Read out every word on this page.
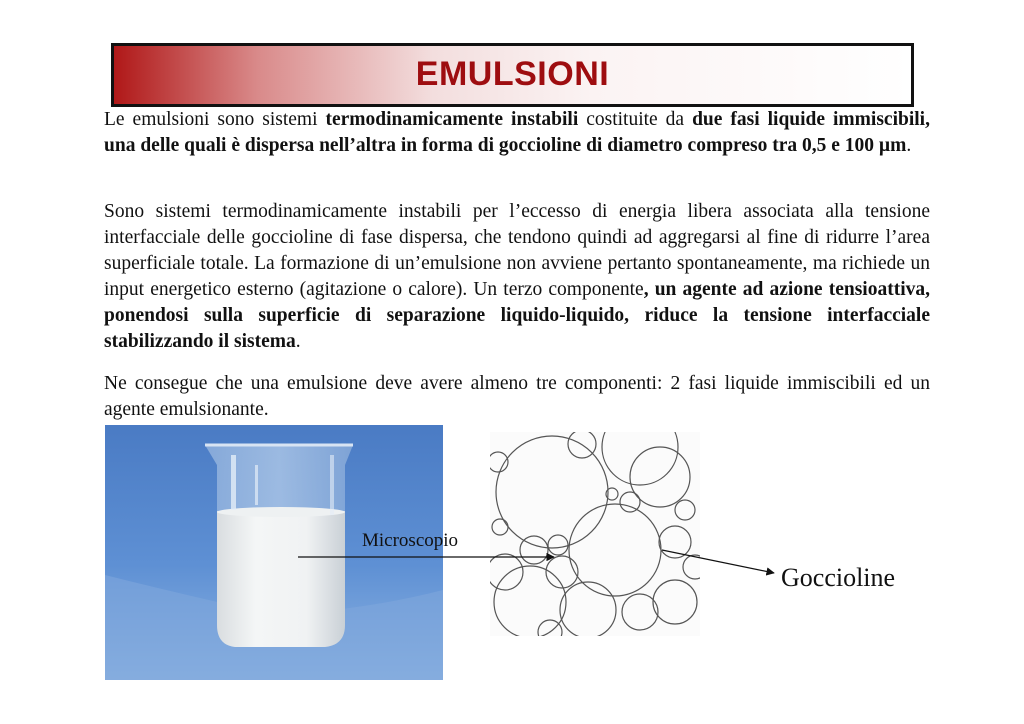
EMULSIONI

Le emulsioni sono sistemi termodinamicamente instabili costituite da due fasi liquide immiscibili, una delle quali è dispersa nell’altra in forma di goccioline di diametro compreso tra 0,5 e 100 µm.

Sono sistemi termodinamicamente instabili per l’eccesso di energia libera associata alla tensione interfacciale delle goccioline di fase dispersa, che tendono quindi ad aggregarsi al fine di ridurre l’area superficiale totale. La formazione di un’emulsione non avviene pertanto spontaneamente, ma richiede un input energetico esterno (agitazione o calore). Un terzo componente, un agente ad azione tensioattiva, ponendosi sulla superficie di separazione liquido-liquido, riduce la tensione interfacciale stabilizzando il sistema.

Ne consegue che una emulsione deve avere almeno tre componenti: 2 fasi liquide immiscibili ed un agente emulsionante.

Microscopio
Goccioline
